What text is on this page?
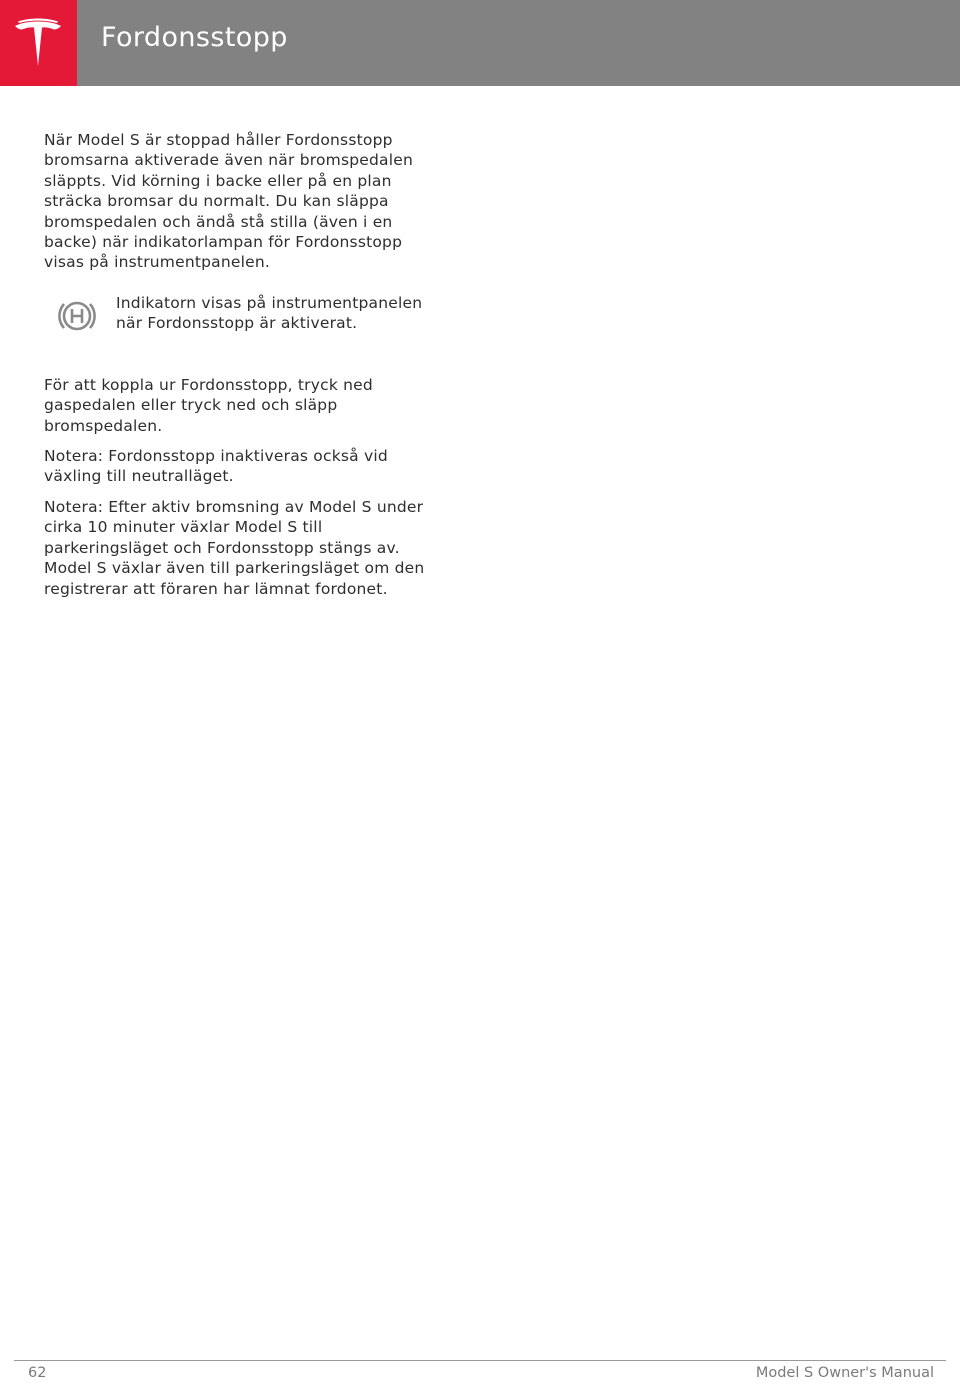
Fordonsstopp

När Model S är stoppad håller Fordonsstopp bromsarna aktiverade även när bromspedalen släppts. Vid körning i backe eller på en plan sträcka bromsar du normalt. Du kan släppa bromspedalen och ändå stå stilla (även i en backe) när indikatorlampan för Fordonsstopp visas på instrumentpanelen.

Indikatorn visas på instrumentpanelen när Fordonsstopp är aktiverat.

För att koppla ur Fordonsstopp, tryck ned gaspedalen eller tryck ned och släpp bromspedalen.

Notera: Fordonsstopp inaktiveras också vid växling till neutralläget.

Notera: Efter aktiv bromsning av Model S under cirka 10 minuter växlar Model S till parkeringsläget och Fordonsstopp stängs av. Model S växlar även till parkeringsläget om den registrerar att föraren har lämnat fordonet.

62	Model S Owner's Manual
